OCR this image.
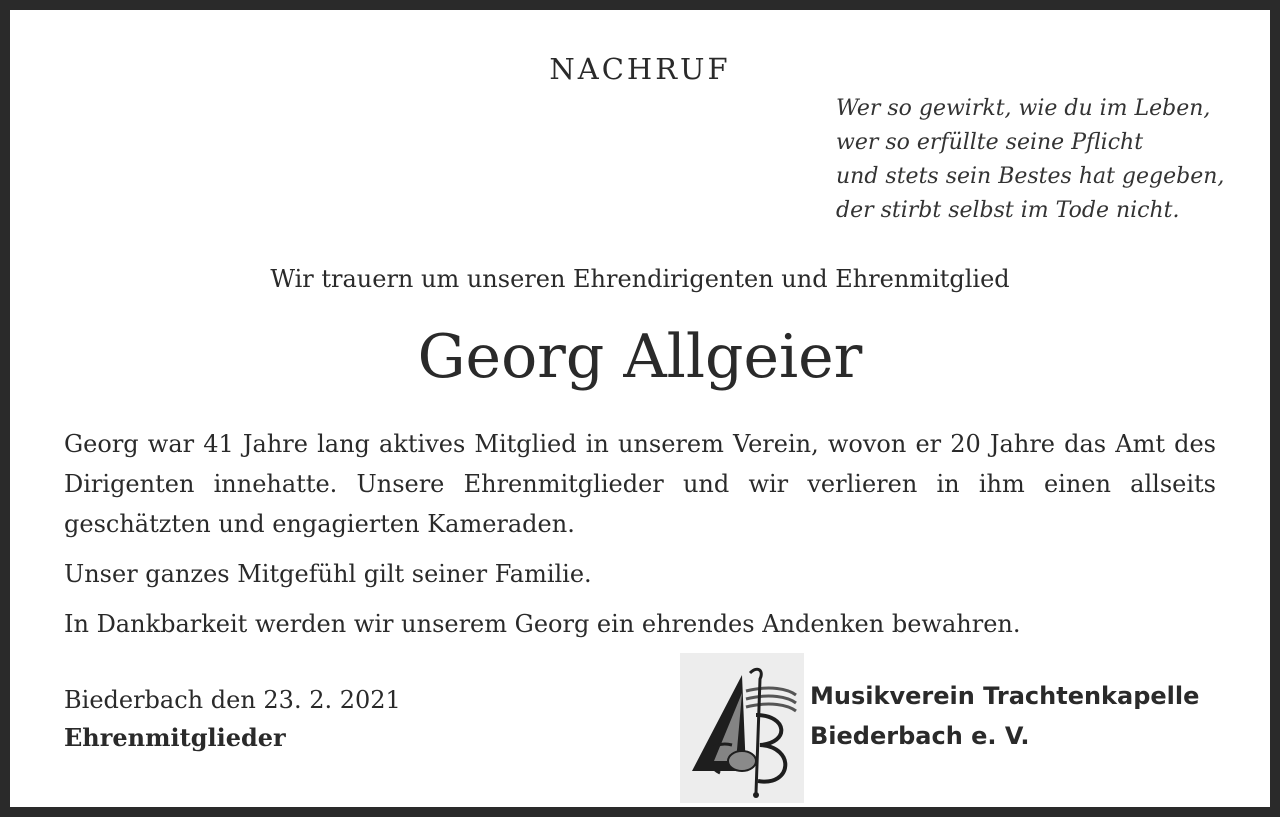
NACHRUF
Wer so gewirkt, wie du im Leben,
wer so erfüllte seine Pflicht
und stets sein Bestes hat gegeben,
der stirbt selbst im Tode nicht.
Wir trauern um unseren Ehrendirigenten und Ehrenmitglied
Georg Allgeier

Georg war 41 Jahre lang aktives Mitglied in unserem Verein, wovon er 20 Jahre das Amt des Dirigenten innehatte. Unsere Ehrenmitglieder und wir verlieren in ihm einen allseits geschätzten und engagierten Kameraden.

Unser ganzes Mitgefühl gilt seiner Familie.

In Dankbarkeit werden wir unserem Georg ein ehrendes Andenken bewahren.

Biederbach den 23. 2. 2021
Ehrenmitglieder
Musikverein Trachtenkapelle
Biederbach e. V.
